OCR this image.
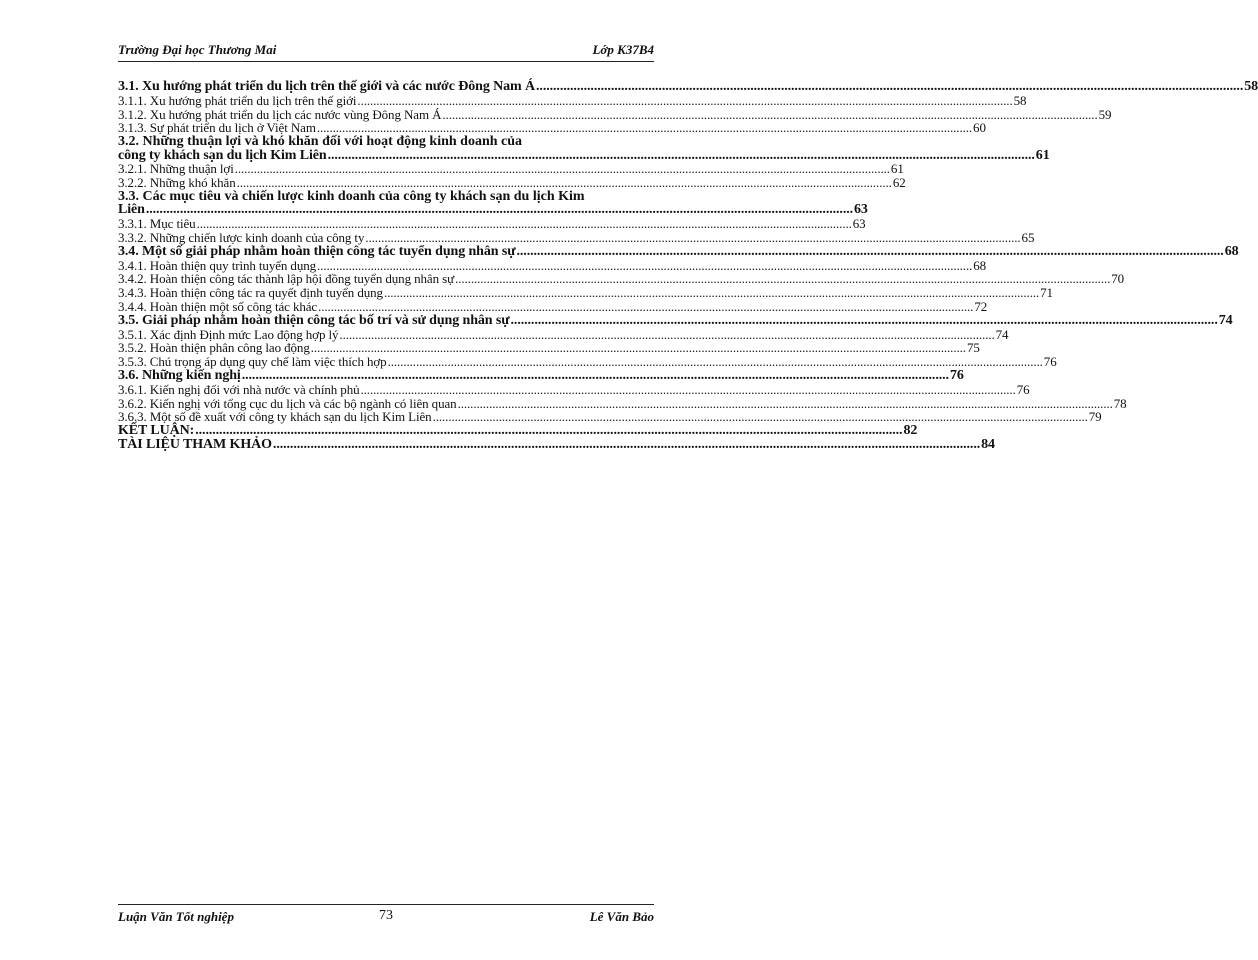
Trường Đại học Thương Mai	Lớp K37B4
3.1. Xu hướng phát triển du lịch trên thế giới và các nước Đông Nam Á .....	58
3.1.1. Xu hướng phát triển du lịch trên thế giới .....	58
3.1.2. Xu hướng phát triển du lịch các nước vùng Đông Nam Á .....	59
3.1.3. Sự phát triển du lịch ở Việt Nam .....	60
3.2. Những thuận lợi và khó khăn đối với hoạt động kinh doanh của
công ty khách sạn du lịch Kim Liên .....	61
3.2.1. Những thuận lợi .....	61
3.2.2. Những khó khăn .....	62
3.3. Các mục tiêu và chiến lược kinh doanh của công ty khách sạn du lịch Kim
Liên .....	63
3.3.1. Mục tiêu .....	63
3.3.2. Những chiến lược kinh doanh của công ty .....	65
3.4. Một số giải pháp nhằm hoàn thiện công tác tuyển dụng nhân sự .....	68
3.4.1. Hoàn thiện quy trình tuyển dụng .....	68
3.4.2. Hoàn thiện công tác thành lập hội đồng tuyển dụng nhân sự .....	70
3.4.3. Hoàn thiện công tác ra quyết định tuyển dụng .....	71
3.4.4. Hoàn thiện một số công tác khác .....	72
3.5. Giải pháp nhằm hoàn thiện công tác bố trí và sử dụng nhân sự .....	74
3.5.1. Xác định Định mức Lao động hợp lý .....	74
3.5.2. Hoàn thiện phân công lao động .....	75
3.5.3. Chú trọng áp dụng quy chế làm việc thích hợp .....	76
3.6. Những kiến nghị .....	76
3.6.1. Kiến nghị đối với nhà nước và chính phủ .....	76
3.6.2. Kiến nghị với tổng cục du lịch và các bộ ngành có liên quan .....	78
3.6.3. Một số đề xuất với công ty khách sạn du lịch Kim Liên .....	79
KẾT LUẬN: .....	82
TÀI LIỆU THAM KHẢO .....	84
Luận Văn Tốt nghiệp	73	Lê Văn Bảo
